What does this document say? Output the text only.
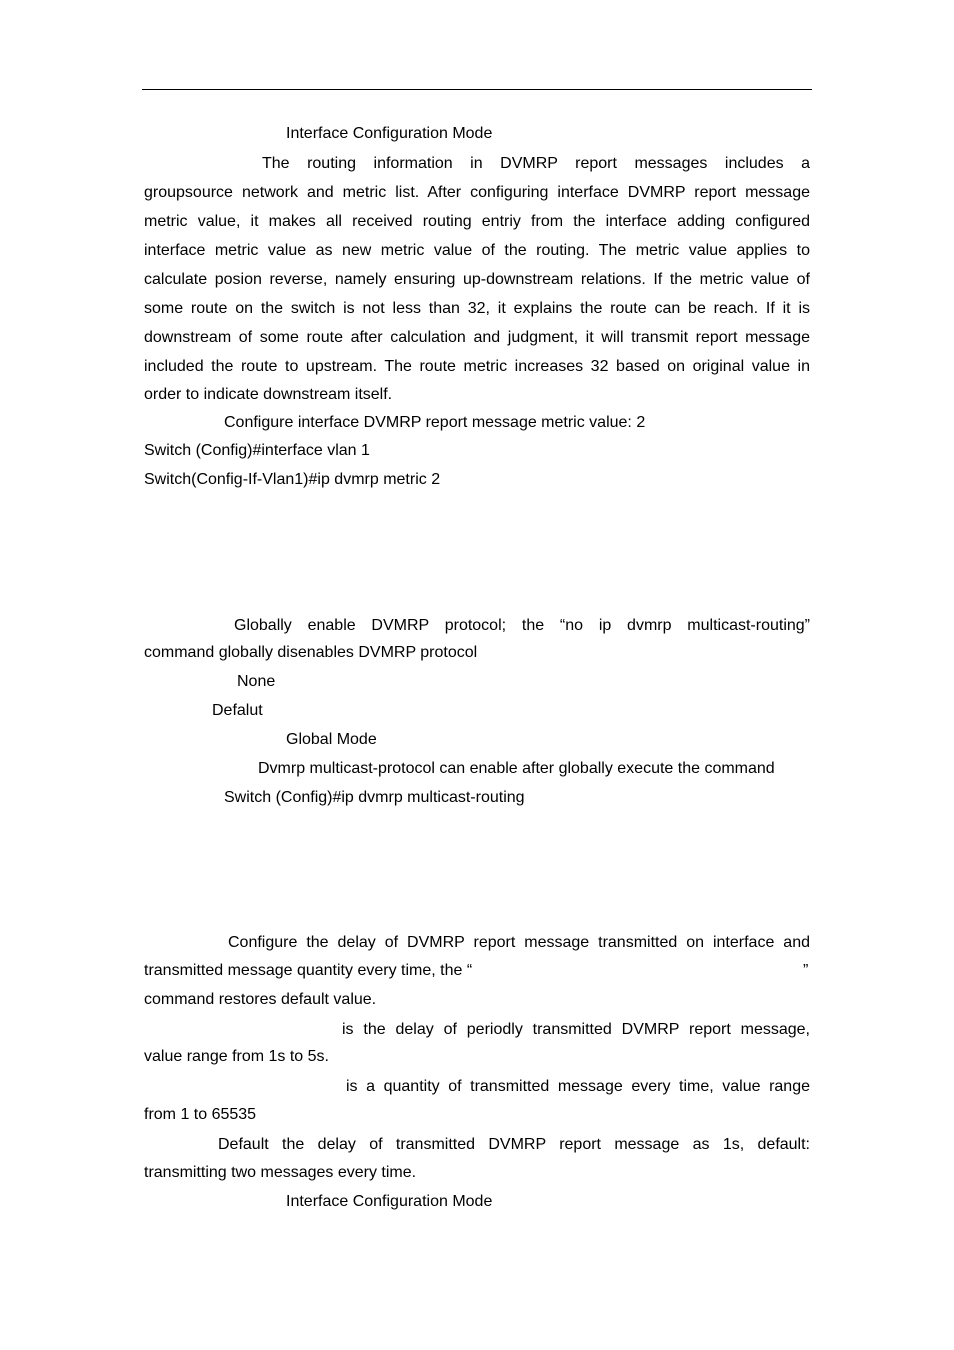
Interface Configuration Mode
The routing information in DVMRP report messages includes a
groupsource network and metric list. After configuring interface DVMRP report message
metric value, it makes all received routing entriy from the interface adding configured
interface metric value as new metric value of the routing. The metric value applies to
calculate posion reverse, namely ensuring up-downstream relations. If the metric value of
some route on the switch is not less than 32, it explains the route can be reach. If it is
downstream of some route after calculation and judgment, it will transmit report message
included the route to upstream. The route metric increases 32 based on original value in
order to indicate downstream itself.
Configure interface DVMRP report message metric value: 2
Switch (Config)#interface vlan 1
Switch(Config-If-Vlan1)#ip dvmrp metric 2
Globally enable DVMRP protocol; the “no ip dvmrp multicast-routing”
command globally disenables DVMRP protocol
None
Defalut
Global Mode
Dvmrp multicast-protocol can enable after globally execute the command
Switch (Config)#ip dvmrp multicast-routing
Configure the delay of DVMRP report message transmitted on interface and
transmitted message quantity every time, the “	”
command restores default value.
is the delay of periodly transmitted DVMRP report message,
value range from 1s to 5s.
is a quantity of transmitted message every time, value range
from 1 to 65535
Default the delay of transmitted DVMRP report message as 1s, default:
transmitting two messages every time.
Interface Configuration Mode
